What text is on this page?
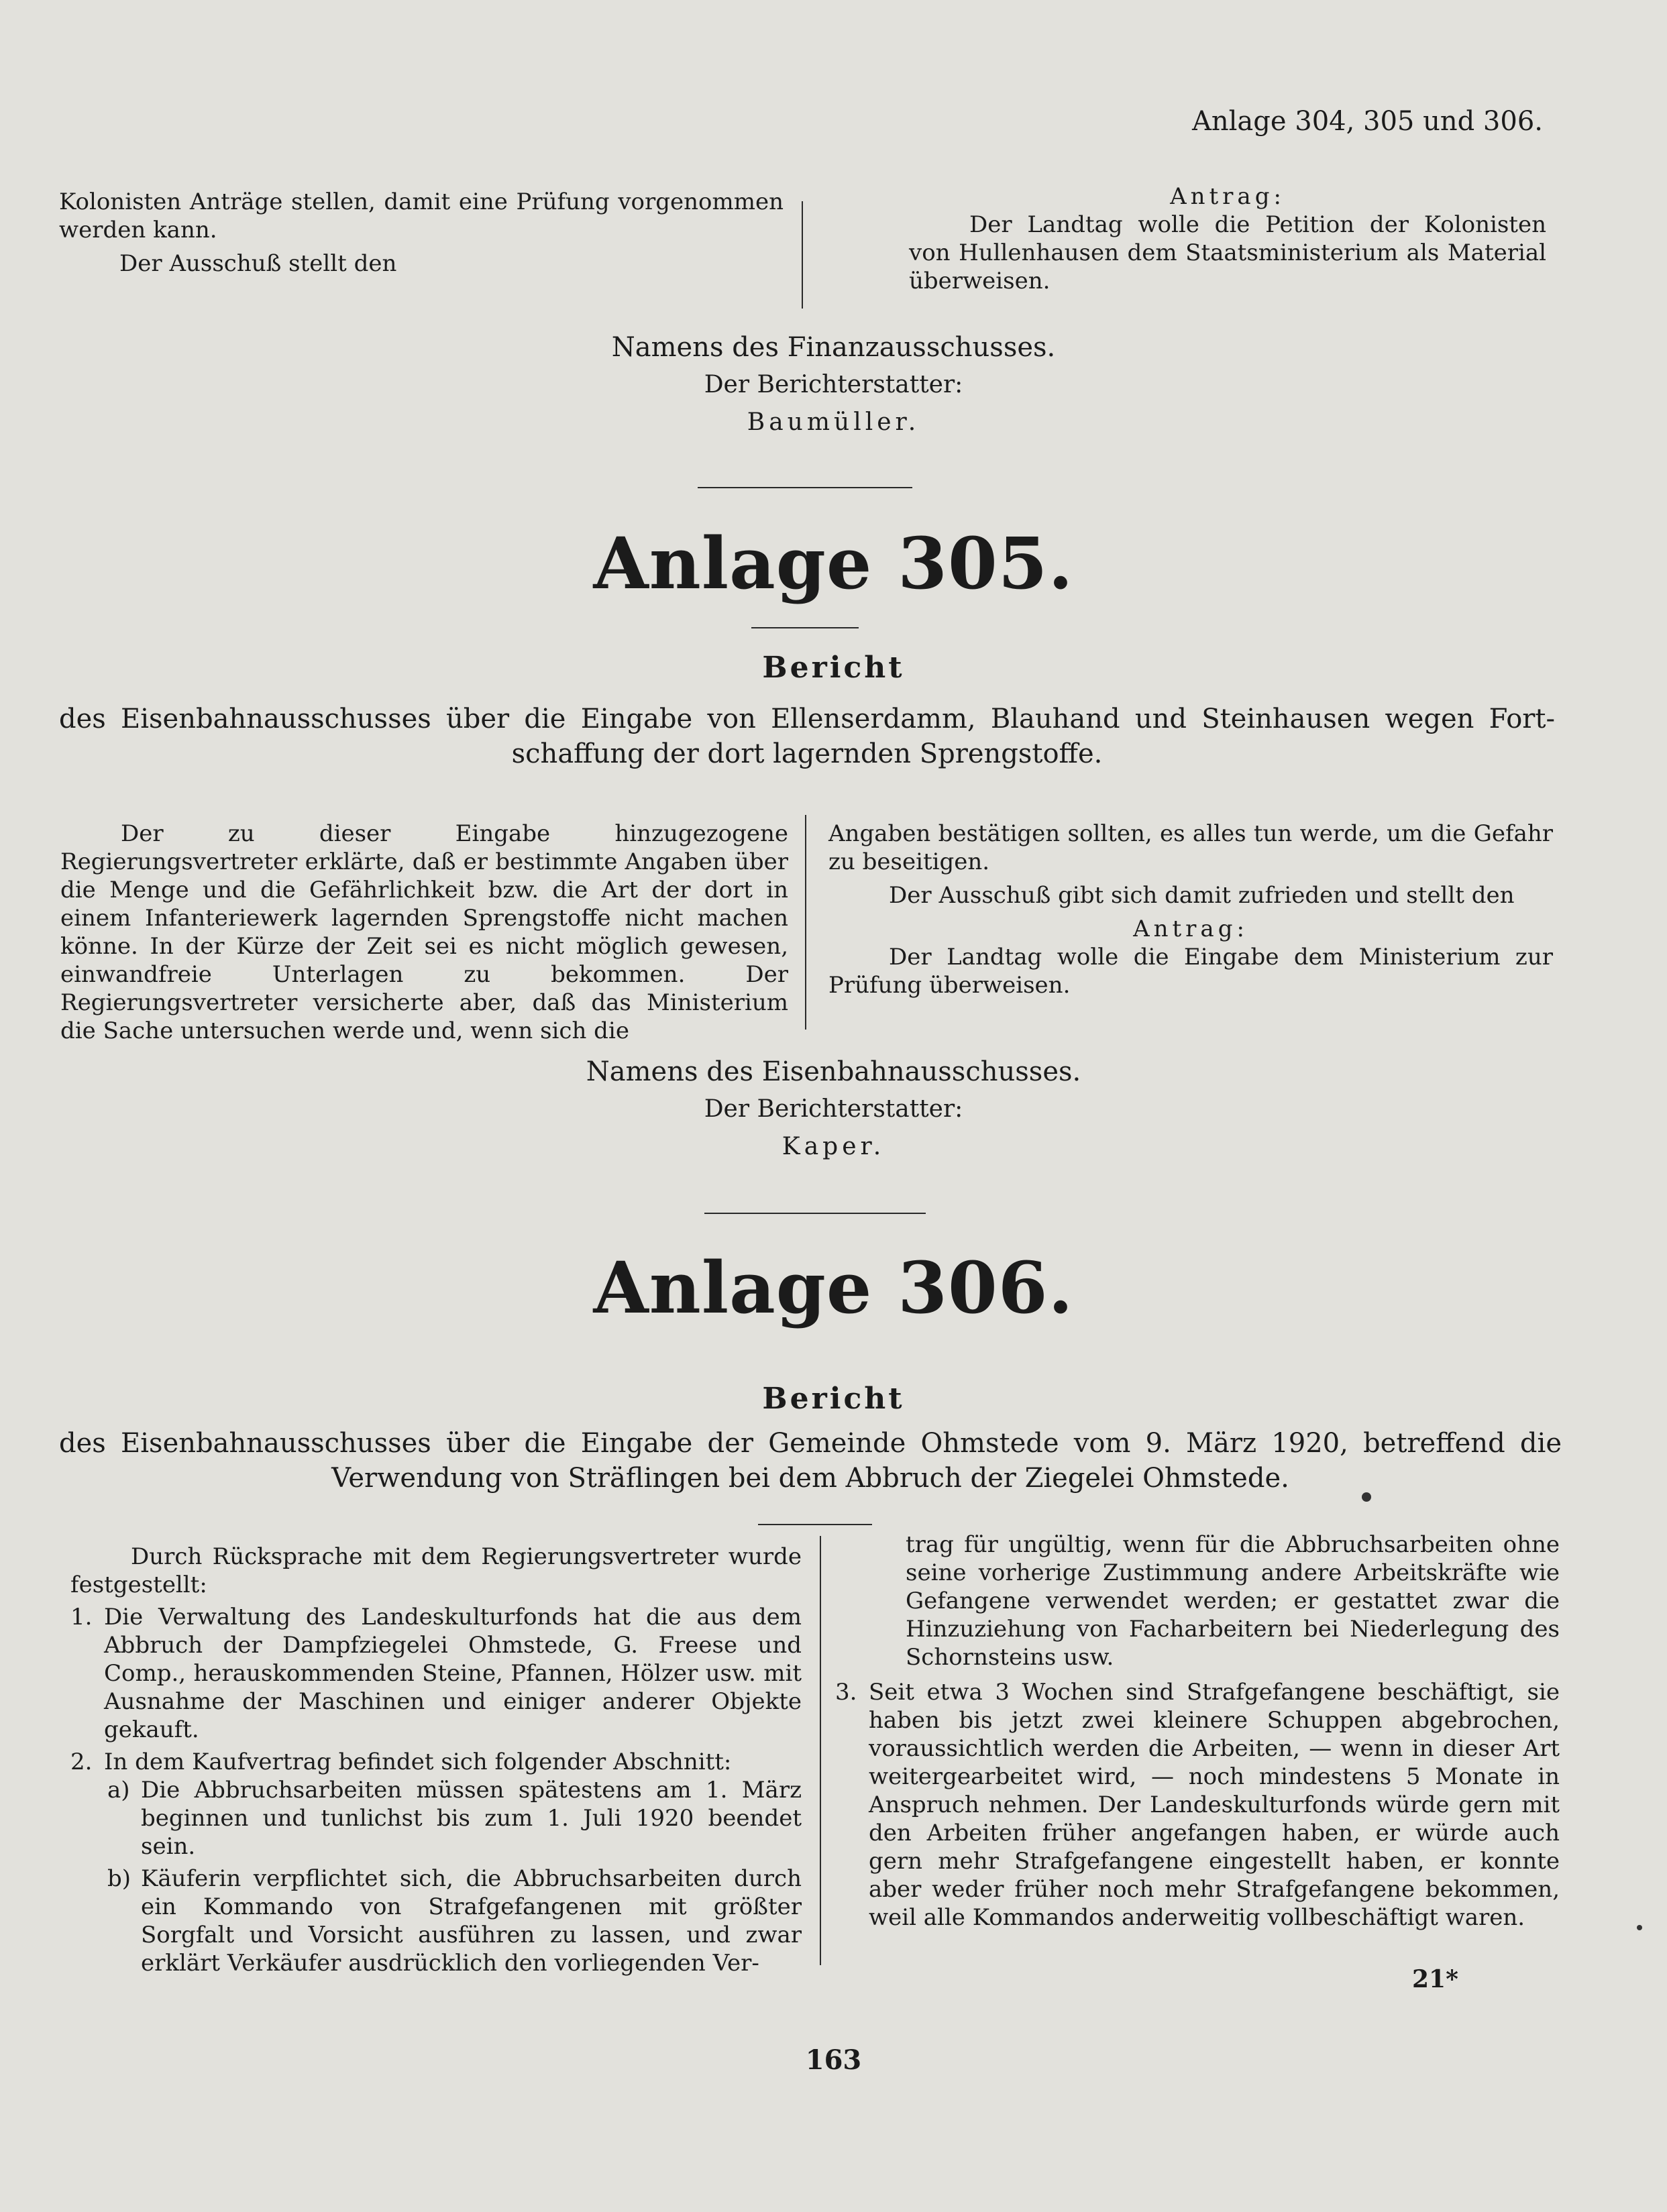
Anlage 304, 305 und 306.

Kolonisten Anträge stellen, damit eine Prüfung vorgenommen werden kann.

Der Ausschuß stellt den

Antrag:

Der Landtag wolle die Petition der Kolonisten von Hullenhausen dem Staatsministerium als Material überweisen.

Namens des Finanzausschusses.

Der Berichterstatter:

Baumüller.

Anlage 305.
Bericht

des Eisenbahnausschusses über die Eingabe von Ellenserdamm, Blauhand und Steinhausen wegen Fort-

schaffung der dort lagernden Sprengstoffe.

Der zu dieser Eingabe hinzugezogene Regierungsvertreter erklärte, daß er bestimmte Angaben über die Menge und die Gefährlichkeit bzw. die Art der dort in einem Infanteriewerk lagernden Sprengstoffe nicht machen könne. In der Kürze der Zeit sei es nicht möglich gewesen, einwandfreie Unterlagen zu bekommen. Der Regierungsvertreter versicherte aber, daß das Ministerium die Sache untersuchen werde und, wenn sich die

Angaben bestätigen sollten, es alles tun werde, um die Gefahr zu beseitigen.

Der Ausschuß gibt sich damit zufrieden und stellt den

Antrag:

Der Landtag wolle die Eingabe dem Ministerium zur Prüfung überweisen.

Namens des Eisenbahnausschusses.

Der Berichterstatter:

Kaper.

Anlage 306.
Bericht

des Eisenbahnausschusses über die Eingabe der Gemeinde Ohmstede vom 9. März 1920, betreffend die

Verwendung von Sträflingen bei dem Abbruch der Ziegelei Ohmstede.

Durch Rücksprache mit dem Regierungsvertreter wurde festgestellt:

1. Die Verwaltung des Landeskulturfonds hat die aus dem Abbruch der Dampfziegelei Ohmstede, G. Freese und Comp., herauskommenden Steine, Pfannen, Hölzer usw. mit Ausnahme der Maschinen und einiger anderer Objekte gekauft.

2. In dem Kaufvertrag befindet sich folgender Abschnitt:

a) Die Abbruchsarbeiten müssen spätestens am 1. März beginnen und tunlichst bis zum 1. Juli 1920 beendet sein.

b) Käuferin verpflichtet sich, die Abbruchsarbeiten durch ein Kommando von Strafgefangenen mit größter Sorgfalt und Vorsicht ausführen zu lassen, und zwar erklärt Verkäufer ausdrücklich den vorliegenden Ver-

trag für ungültig, wenn für die Abbruchsarbeiten ohne seine vorherige Zustimmung andere Arbeitskräfte wie Gefangene verwendet werden; er gestattet zwar die Hinzuziehung von Facharbeitern bei Niederlegung des Schornsteins usw.

3. Seit etwa 3 Wochen sind Strafgefangene beschäftigt, sie haben bis jetzt zwei kleinere Schuppen abgebrochen, voraussichtlich werden die Arbeiten, — wenn in dieser Art weitergearbeitet wird, — noch mindestens 5 Monate in Anspruch nehmen. Der Landeskulturfonds würde gern mit den Arbeiten früher angefangen haben, er würde auch gern mehr Strafgefangene eingestellt haben, er konnte aber weder früher noch mehr Strafgefangene bekommen, weil alle Kommandos anderweitig vollbeschäftigt waren.

21*
163
